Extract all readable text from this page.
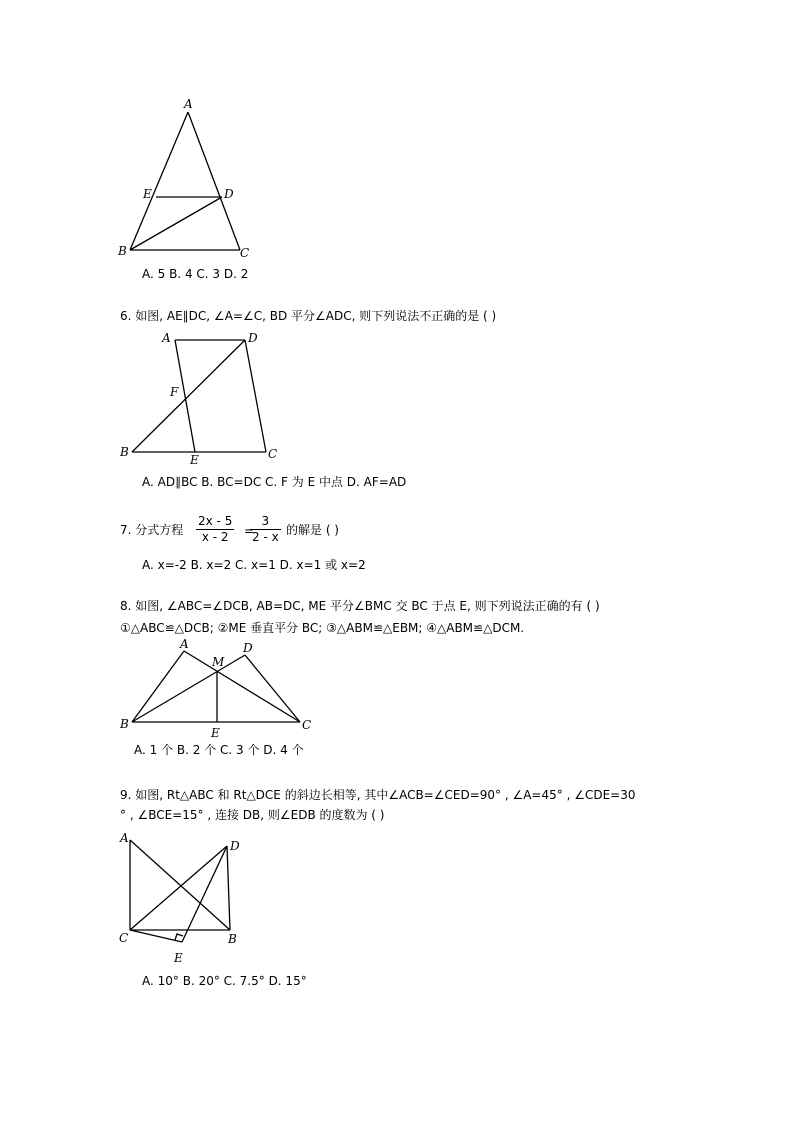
A
E	D
B	C
A. 5 B. 4 C. 3 D. 2
6. 如图, AE∥DC, ∠A=∠C, BD 平分∠ADC, 则下列说法不正确的是 ( )
A	D
F
B
E	C
A. AD∥BC B. BC=DC C. F 为 E 中点 D. AF=AD
7. 分式方程 $\frac{2x - 5}{x - 2}$ =
$\frac{3}{2 - x}$ 的解是 ( )
A. x=-2 B. x=2 C. x=1 D. x=1 或 x=2
8. 如图, ∠ABC=∠DCB, AB=DC, ME 平分∠BMC 交 BC 于点 E, 则下列说法正确的有 ( )
①△ABC≌△DCB; ②ME 垂直平分 BC; ③△ABM≌△EBM; ④△ABM≌△DCM.
A
M
D
B
E
C
A. 1 个 B. 2 个 C. 3 个 D. 4 个
9. 如图, Rt△ABC 和 Rt△DCE 的斜边长相等, 其中∠ACB=∠CED=90° , ∠A=45° , ∠CDE=30
° , ∠BCE=15° , 连接 DB, 则∠EDB 的度数为 ( )
A
D
C	B
E
A. 10° B. 20° C. 7.5° D. 15°
